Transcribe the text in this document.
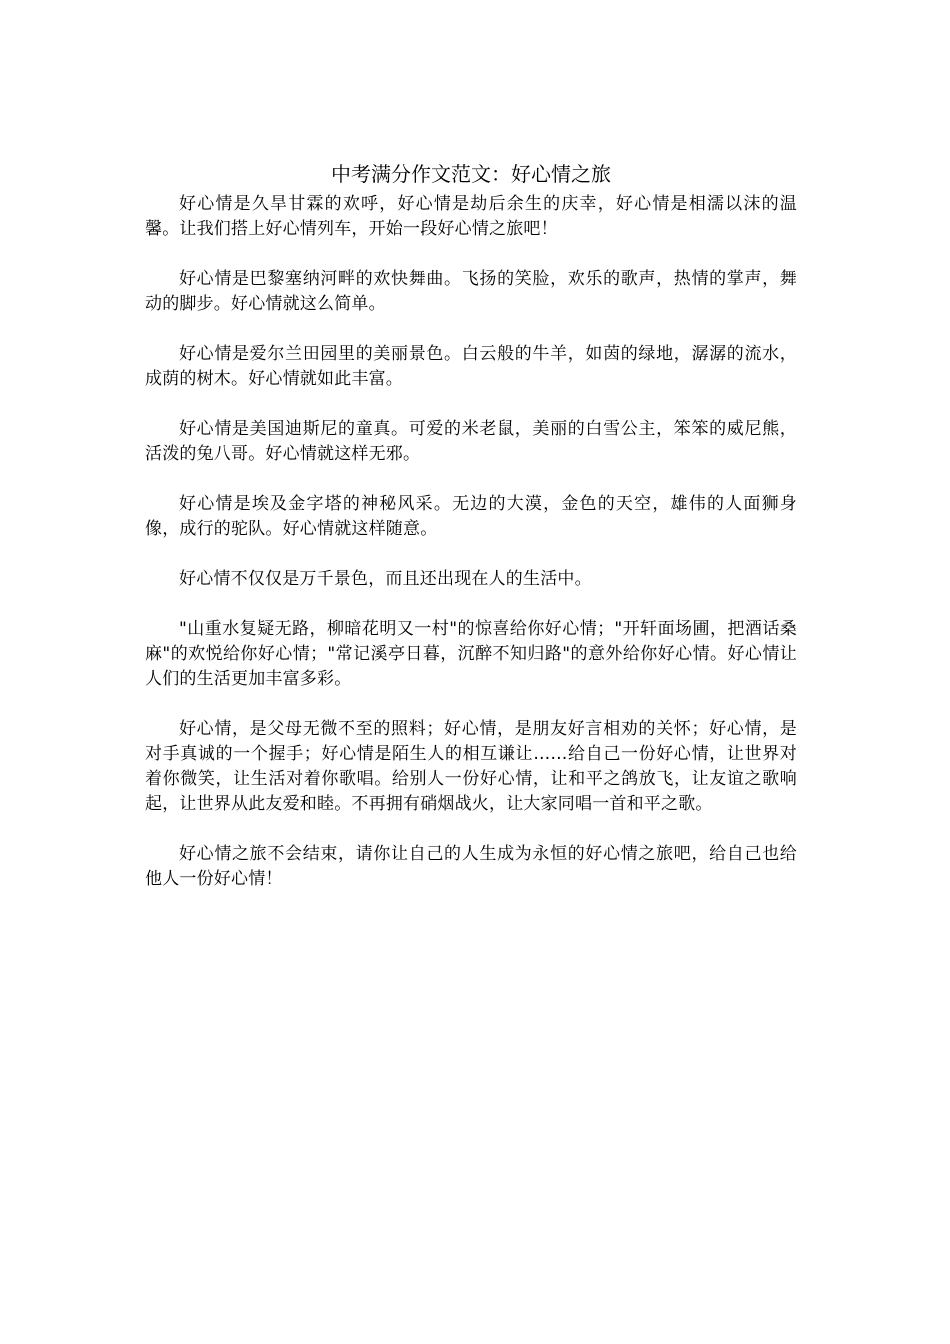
中考满分作文范文：好心情之旅

好心情是久旱甘霖的欢呼，好心情是劫后余生的庆幸，好心情是相濡以沫的温馨。让我们搭上好心情列车，开始一段好心情之旅吧！

好心情是巴黎塞纳河畔的欢快舞曲。飞扬的笑脸，欢乐的歌声，热情的掌声，舞动的脚步。好心情就这么简单。

好心情是爱尔兰田园里的美丽景色。白云般的牛羊，如茵的绿地，潺潺的流水，成荫的树木。好心情就如此丰富。

好心情是美国迪斯尼的童真。可爱的米老鼠，美丽的白雪公主，笨笨的威尼熊，活泼的兔八哥。好心情就这样无邪。

好心情是埃及金字塔的神秘风采。无边的大漠，金色的天空，雄伟的人面狮身像，成行的驼队。好心情就这样随意。

好心情不仅仅是万千景色，而且还出现在人的生活中。

"山重水复疑无路，柳暗花明又一村"的惊喜给你好心情；"开轩面场圃，把酒话桑麻"的欢悦给你好心情；"常记溪亭日暮，沉醉不知归路"的意外给你好心情。好心情让人们的生活更加丰富多彩。

好心情，是父母无微不至的照料；好心情，是朋友好言相劝的关怀；好心情，是对手真诚的一个握手；好心情是陌生人的相互谦让……给自己一份好心情，让世界对着你微笑，让生活对着你歌唱。给别人一份好心情，让和平之鸽放飞，让友谊之歌响起，让世界从此友爱和睦。不再拥有硝烟战火，让大家同唱一首和平之歌。

好心情之旅不会结束，请你让自己的人生成为永恒的好心情之旅吧，给自己也给他人一份好心情！
